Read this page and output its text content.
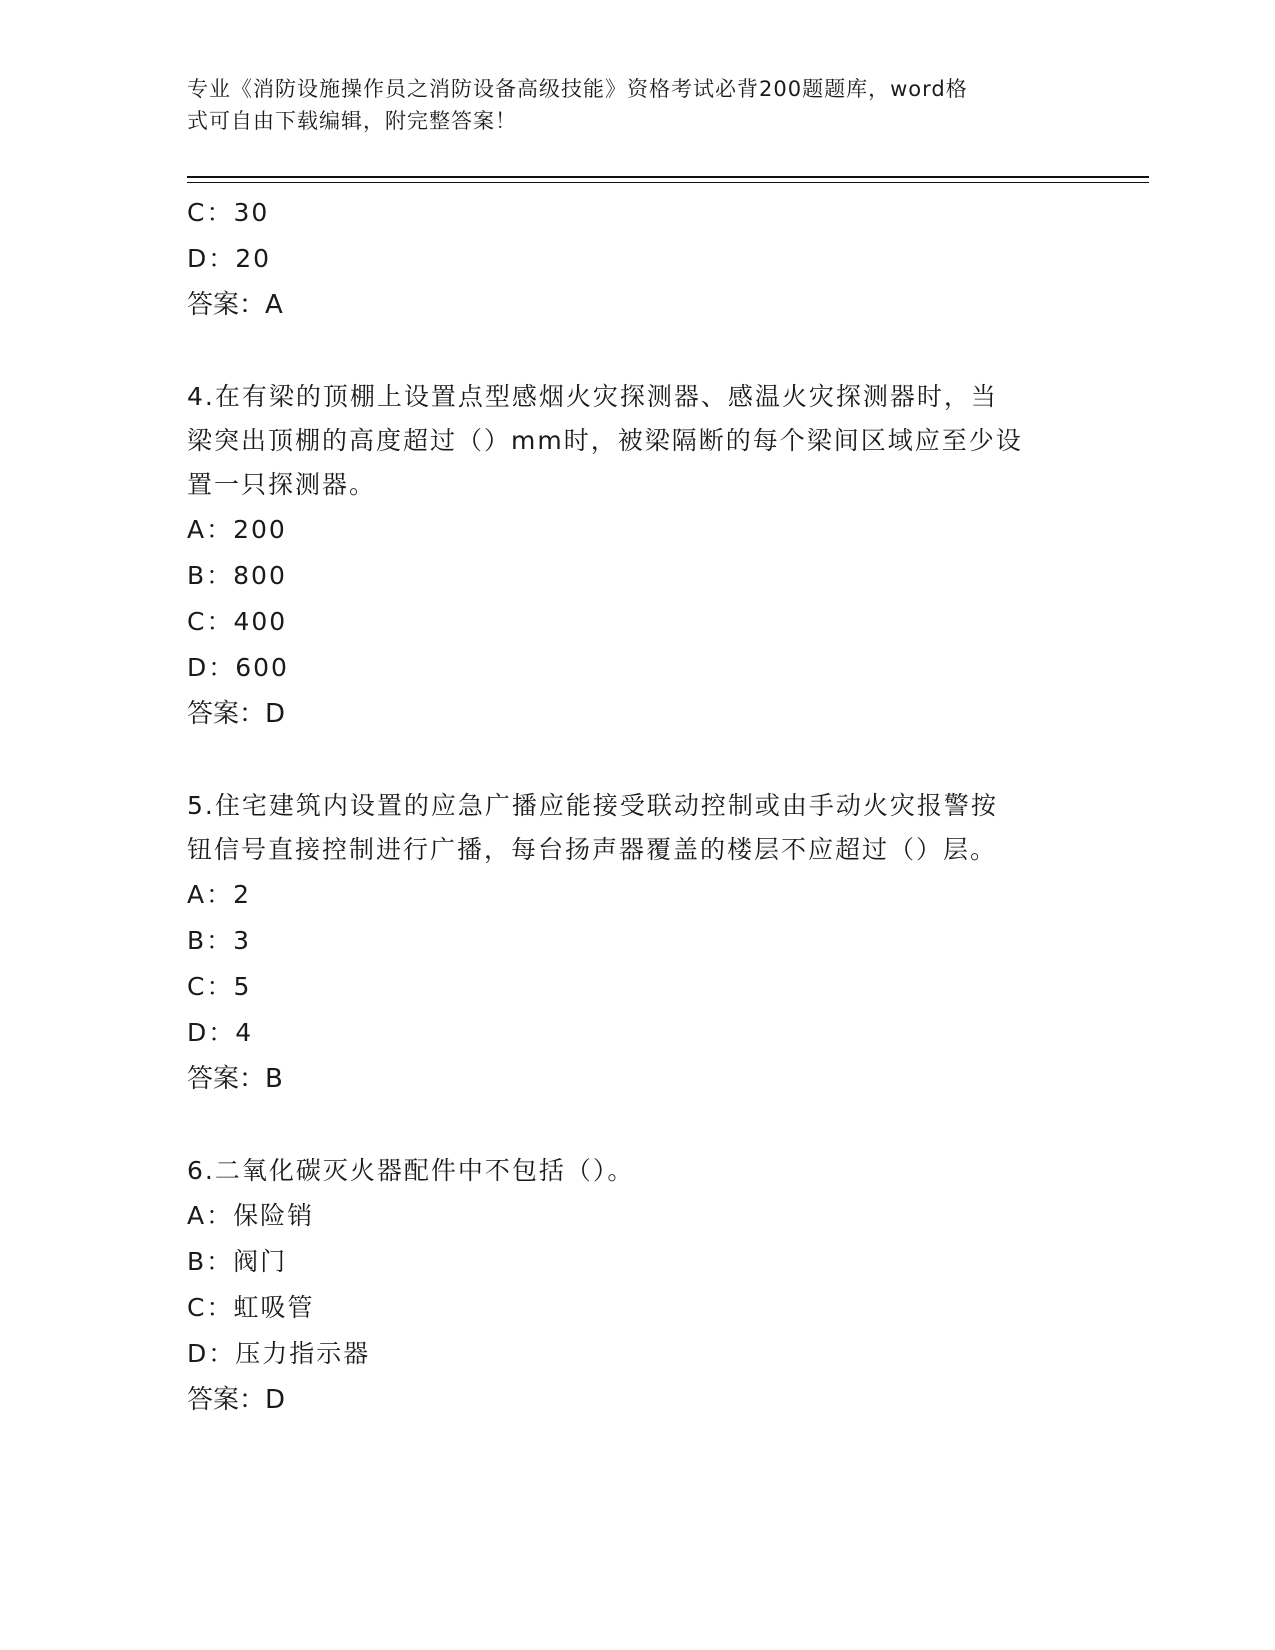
专业《消防设施操作员之消防设备高级技能》资格考试必背200题题库，word格
式可自由下载编辑，附完整答案！
C：30
D：20
答案：A
4.在有梁的顶棚上设置点型感烟火灾探测器、感温火灾探测器时，当
梁突出顶棚的高度超过（）mm时，被梁隔断的每个梁间区域应至少设
置一只探测器。
A：200
B：800
C：400
D：600
答案：D
5.住宅建筑内设置的应急广播应能接受联动控制或由手动火灾报警按
钮信号直接控制进行广播，每台扬声器覆盖的楼层不应超过（）层。
A：2
B：3
C：5
D：4
答案：B
6.二氧化碳灭火器配件中不包括（）。
A：保险销
B：阀门
C：虹吸管
D：压力指示器
答案：D
